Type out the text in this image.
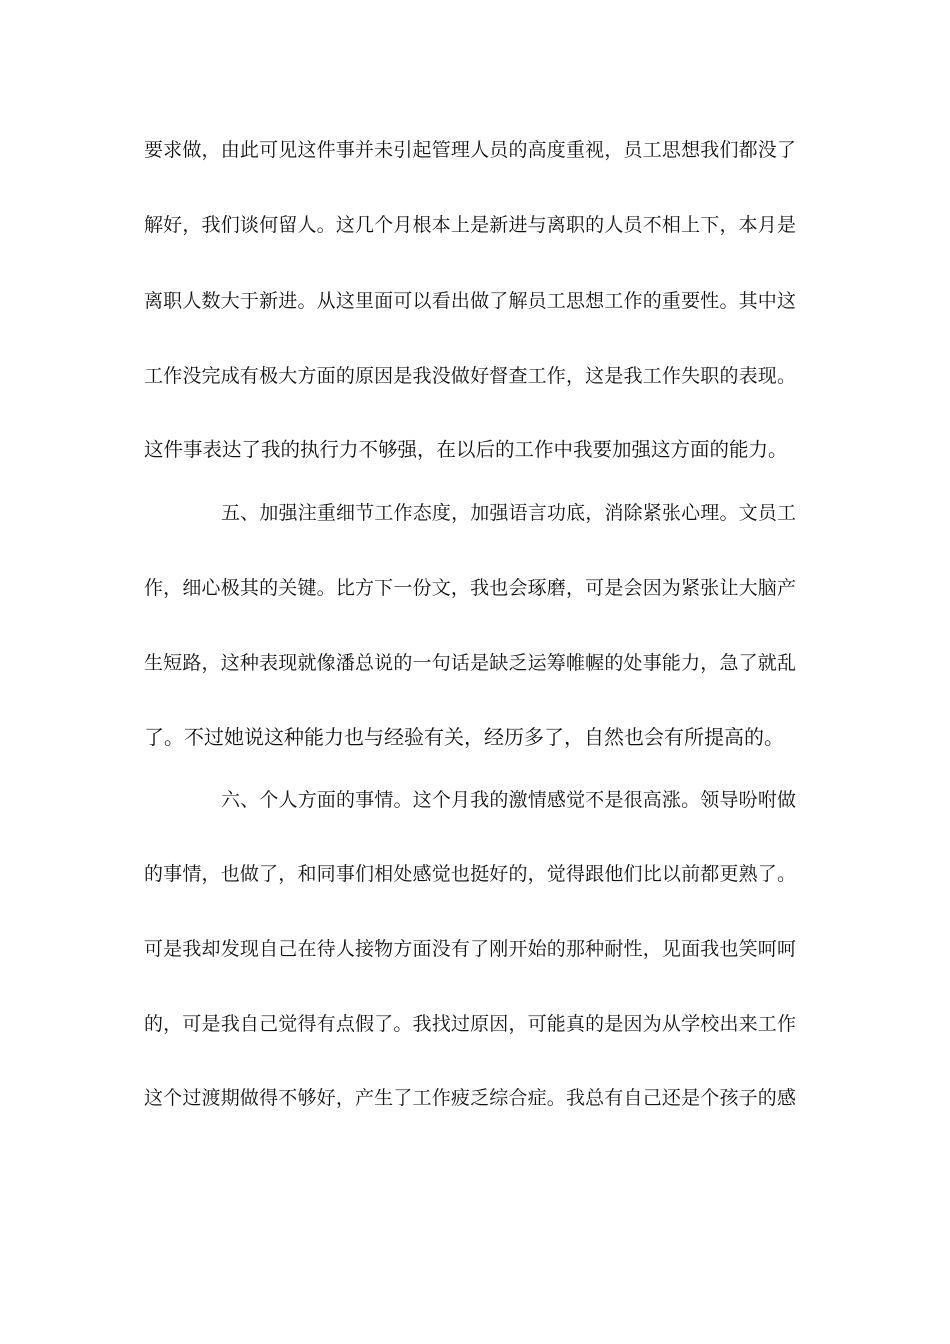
要求做，由此可见这件事并未引起管理人员的高度重视，员工思想我们都没了
解好，我们谈何留人。这几个月根本上是新进与离职的人员不相上下，本月是
离职人数大于新进。从这里面可以看出做了解员工思想工作的重要性。其中这
工作没完成有极大方面的原因是我没做好督查工作，这是我工作失职的表现。
这件事表达了我的执行力不够强，在以后的工作中我要加强这方面的能力。
五、加强注重细节工作态度，加强语言功底，消除紧张心理。文员工
作，细心极其的关键。比方下一份文，我也会琢磨，可是会因为紧张让大脑产
生短路，这种表现就像潘总说的一句话是缺乏运筹帷幄的处事能力，急了就乱
了。不过她说这种能力也与经验有关，经历多了，自然也会有所提高的。
六、个人方面的事情。这个月我的激情感觉不是很高涨。领导吩咐做
的事情，也做了，和同事们相处感觉也挺好的，觉得跟他们比以前都更熟了。
可是我却发现自己在待人接物方面没有了刚开始的那种耐性，见面我也笑呵呵
的，可是我自己觉得有点假了。我找过原因，可能真的是因为从学校出来工作
这个过渡期做得不够好，产生了工作疲乏综合症。我总有自己还是个孩子的感
